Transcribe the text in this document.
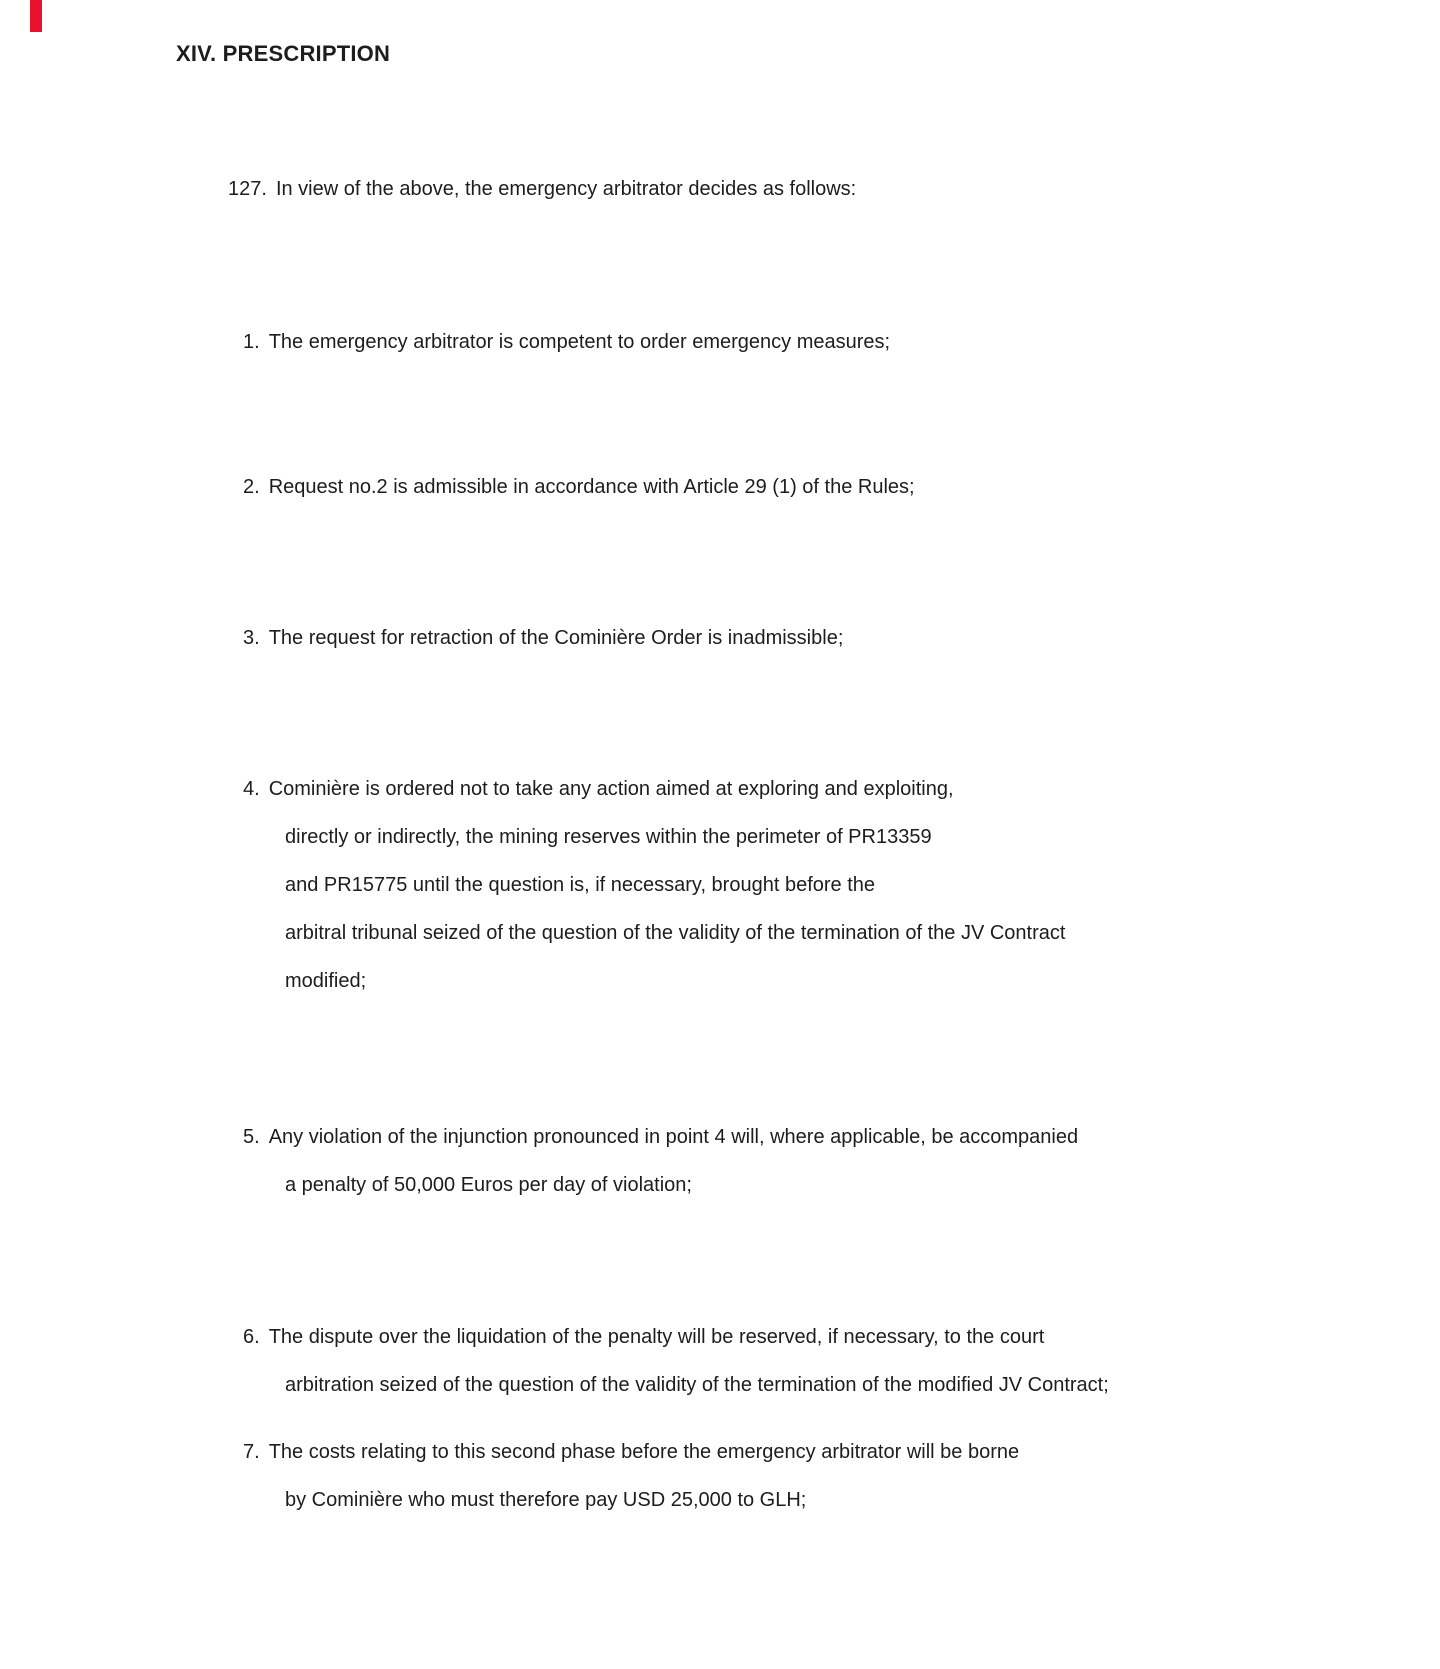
XIV. PRESCRIPTION
127. In view of the above, the emergency arbitrator decides as follows:
1. The emergency arbitrator is competent to order emergency measures;
2. Request no.2 is admissible in accordance with Article 29 (1) of the Rules;
3. The request for retraction of the Cominière Order is inadmissible;
4. Cominière is ordered not to take any action aimed at exploring and exploiting,
directly or indirectly, the mining reserves within the perimeter of PR13359
and PR15775 until the question is, if necessary, brought before the
arbitral tribunal seized of the question of the validity of the termination of the JV Contract
modified;
5. Any violation of the injunction pronounced in point 4 will, where applicable, be accompanied
a penalty of 50,000 Euros per day of violation;
6. The dispute over the liquidation of the penalty will be reserved, if necessary, to the court
arbitration seized of the question of the validity of the termination of the modified JV Contract;
7. The costs relating to this second phase before the emergency arbitrator will be borne
by Cominière who must therefore pay USD 25,000 to GLH;
